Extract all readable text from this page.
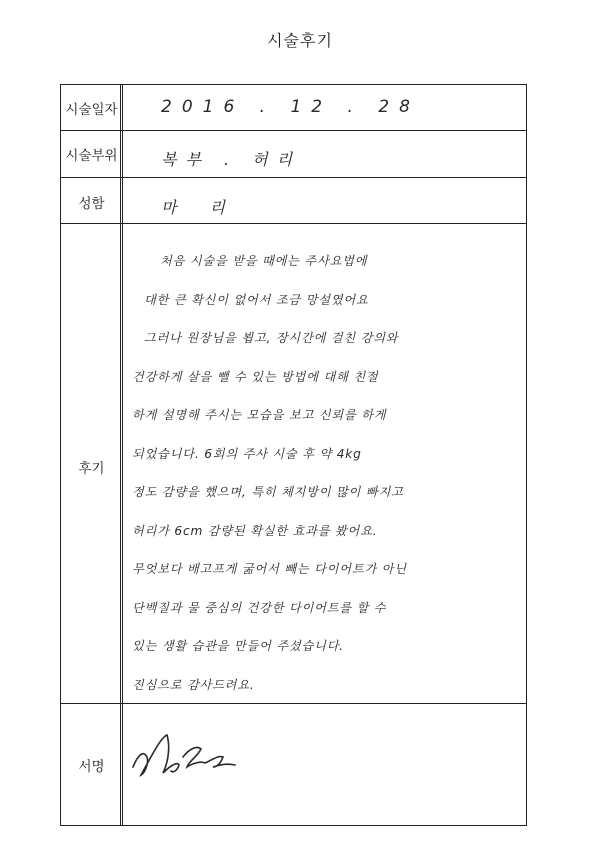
시술후기
시술일자
시술부위
성함
후기
서명
2016 . 12 . 28
복부 . 허리
마 리
처음 시술을 받을 때에는 주사요법에
대한 큰 확신이 없어서 조금 망설였어요
그러나 원장님을 뵙고, 장시간에 걸친 강의와
건강하게 살을 뺄 수 있는 방법에 대해 친절
하게 설명해 주시는 모습을 보고 신뢰를 하게
되었습니다. 6회의 주사 시술 후 약 4kg
정도 감량을 했으며, 특히 체지방이 많이 빠지고
허리가 6cm 감량된 확실한 효과를 봤어요.
무엇보다 배고프게 굶어서 빼는 다이어트가 아닌
단백질과 물 중심의 건강한 다이어트를 할 수
있는 생활 습관을 만들어 주셨습니다.
진심으로 감사드려요.
